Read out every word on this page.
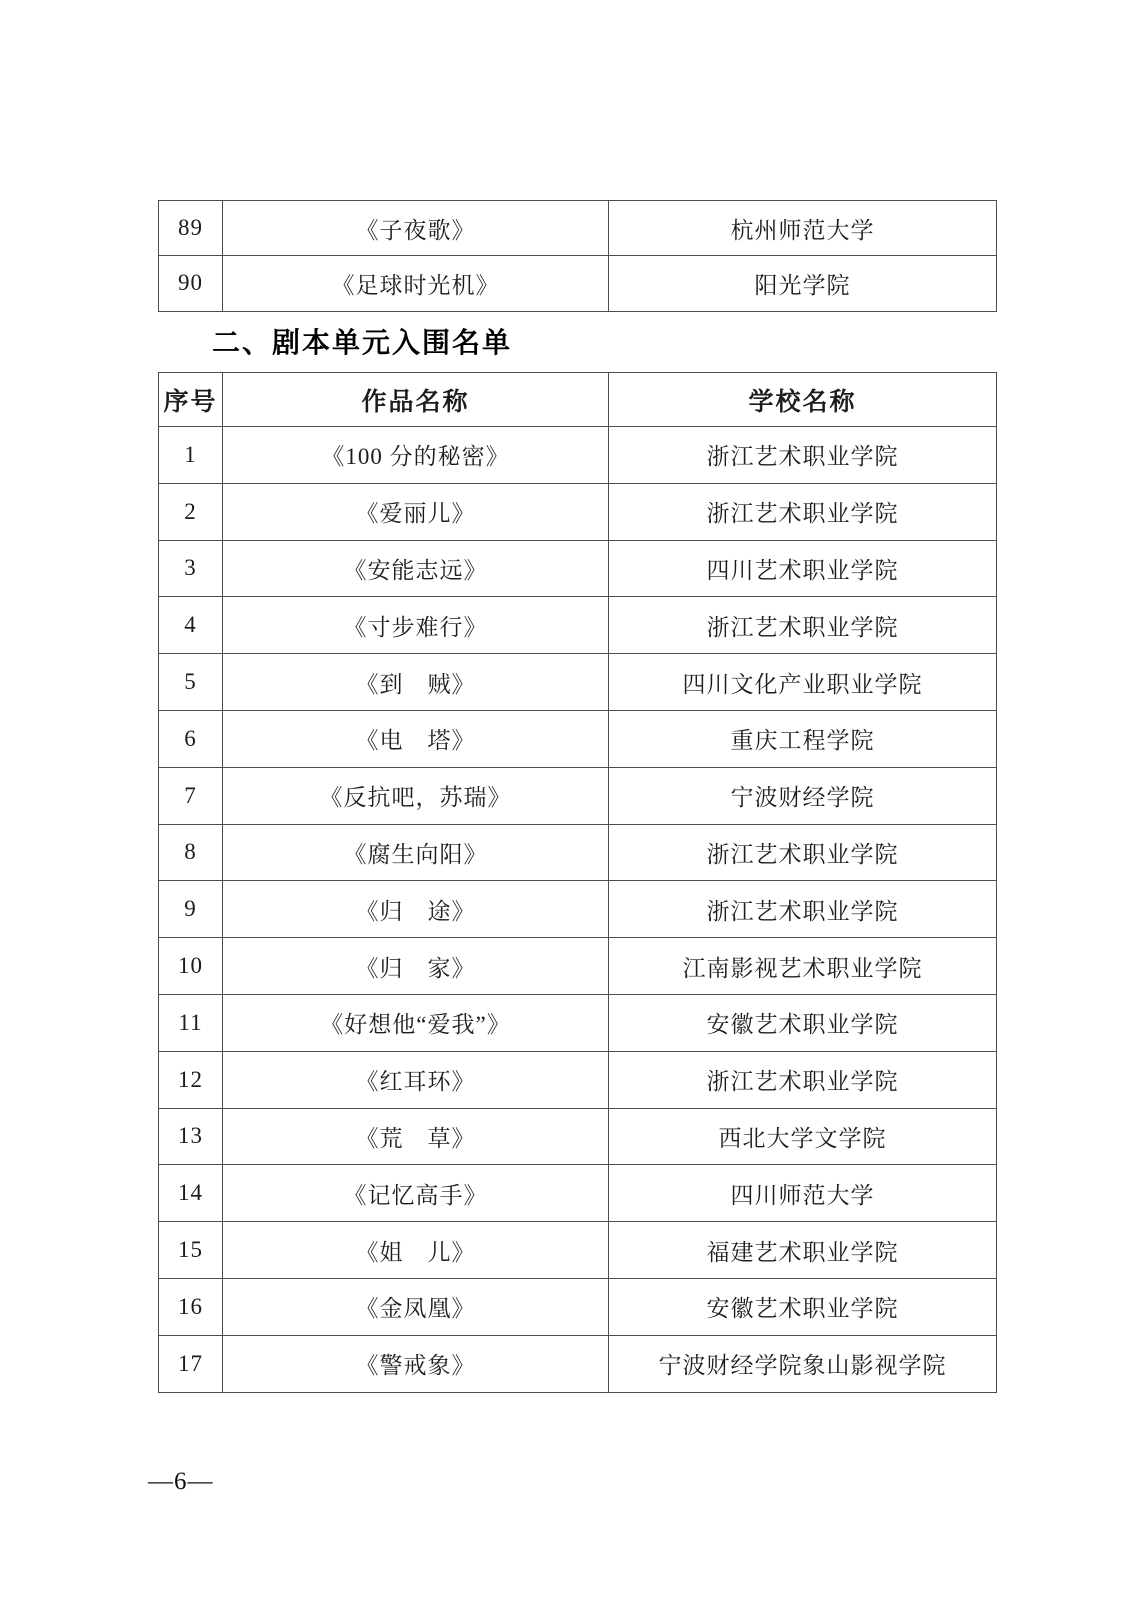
89	《子夜歌》	杭州师范大学
90	《足球时光机》	阳光学院
二、剧本单元入围名单
序号	作品名称	学校名称
1	《100 分的秘密》	浙江艺术职业学院
2	《爱丽儿》	浙江艺术职业学院
3	《安能志远》	四川艺术职业学院
4	《寸步难行》	浙江艺术职业学院
5	《到　贼》	四川文化产业职业学院
6	《电　塔》	重庆工程学院
7	《反抗吧，苏瑞》	宁波财经学院
8	《腐生向阳》	浙江艺术职业学院
9	《归　途》	浙江艺术职业学院
10	《归　家》	江南影视艺术职业学院
11	《好想他“爱我”》	安徽艺术职业学院
12	《红耳环》	浙江艺术职业学院
13	《荒　草》	西北大学文学院
14	《记忆高手》	四川师范大学
15	《姐　儿》	福建艺术职业学院
16	《金凤凰》	安徽艺术职业学院
17	《警戒象》	宁波财经学院象山影视学院
—6—
